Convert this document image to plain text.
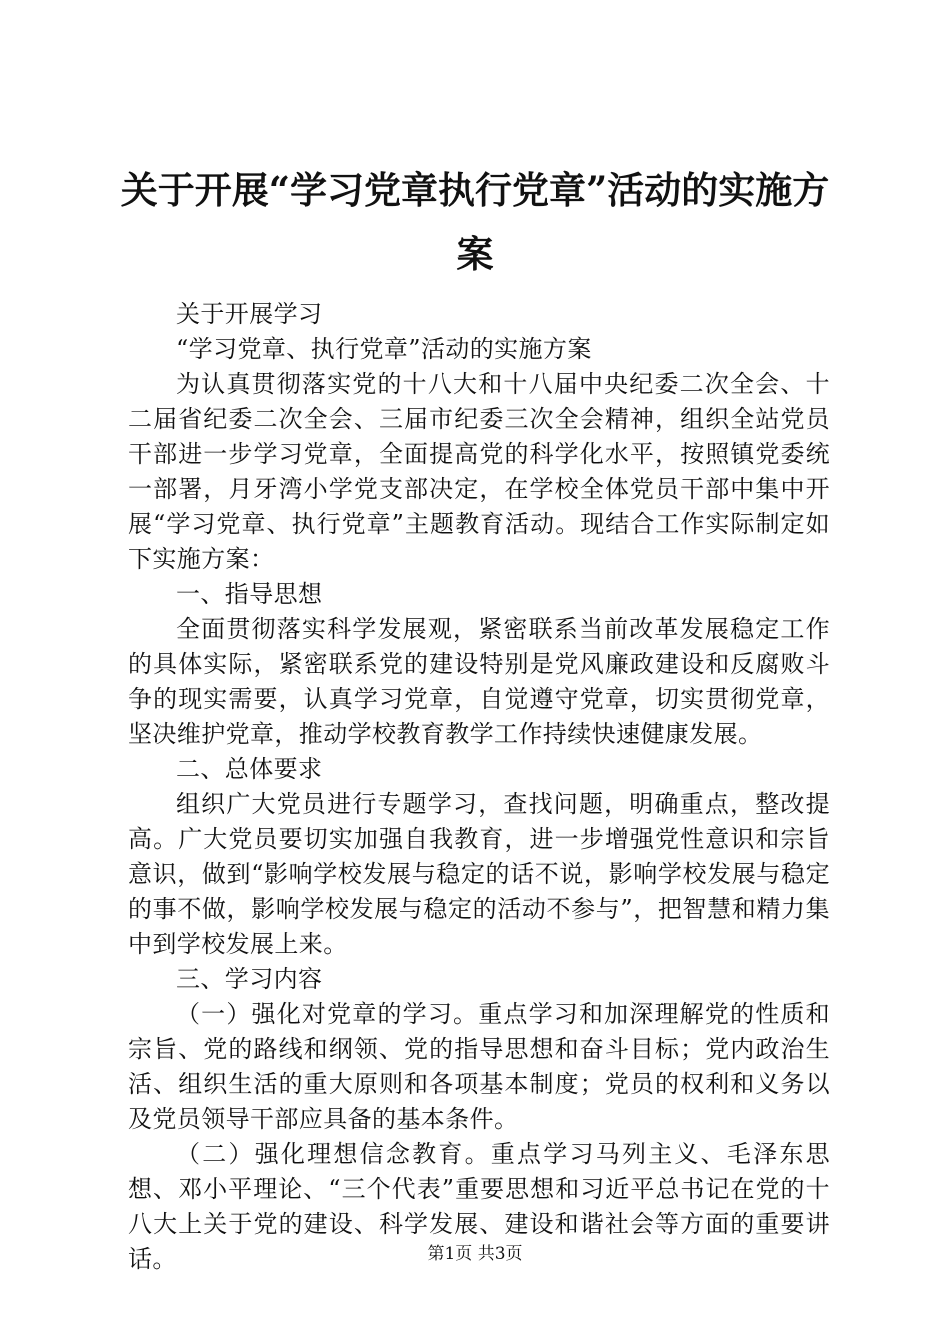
关于开展“学习党章执行党章”活动的实施方案

关于开展学习

“学习党章、执行党章”活动的实施方案

为认真贯彻落实党的十八大和十八届中央纪委二次全会、十二届省纪委二次全会、三届市纪委三次全会精神，组织全站党员干部进一步学习党章，全面提高党的科学化水平，按照镇党委统一部署，月牙湾小学党支部决定，在学校全体党员干部中集中开展“学习党章、执行党章”主题教育活动。现结合工作实际制定如下实施方案：

一、指导思想

全面贯彻落实科学发展观，紧密联系当前改革发展稳定工作的具体实际，紧密联系党的建设特别是党风廉政建设和反腐败斗争的现实需要，认真学习党章，自觉遵守党章，切实贯彻党章，坚决维护党章，推动学校教育教学工作持续快速健康发展。

二、总体要求

组织广大党员进行专题学习，查找问题，明确重点，整改提高。广大党员要切实加强自我教育，进一步增强党性意识和宗旨意识，做到“影响学校发展与稳定的话不说，影响学校发展与稳定的事不做，影响学校发展与稳定的活动不参与”，把智慧和精力集中到学校发展上来。

三、学习内容

（一）强化对党章的学习。重点学习和加深理解党的性质和宗旨、党的路线和纲领、党的指导思想和奋斗目标；党内政治生活、组织生活的重大原则和各项基本制度；党员的权利和义务以及党员领导干部应具备的基本条件。

（二）强化理想信念教育。重点学习马列主义、毛泽东思想、邓小平理论、“三个代表”重要思想和习近平总书记在党的十八大上关于党的建设、科学发展、建设和谐社会等方面的重要讲话。	第1页 共3页
